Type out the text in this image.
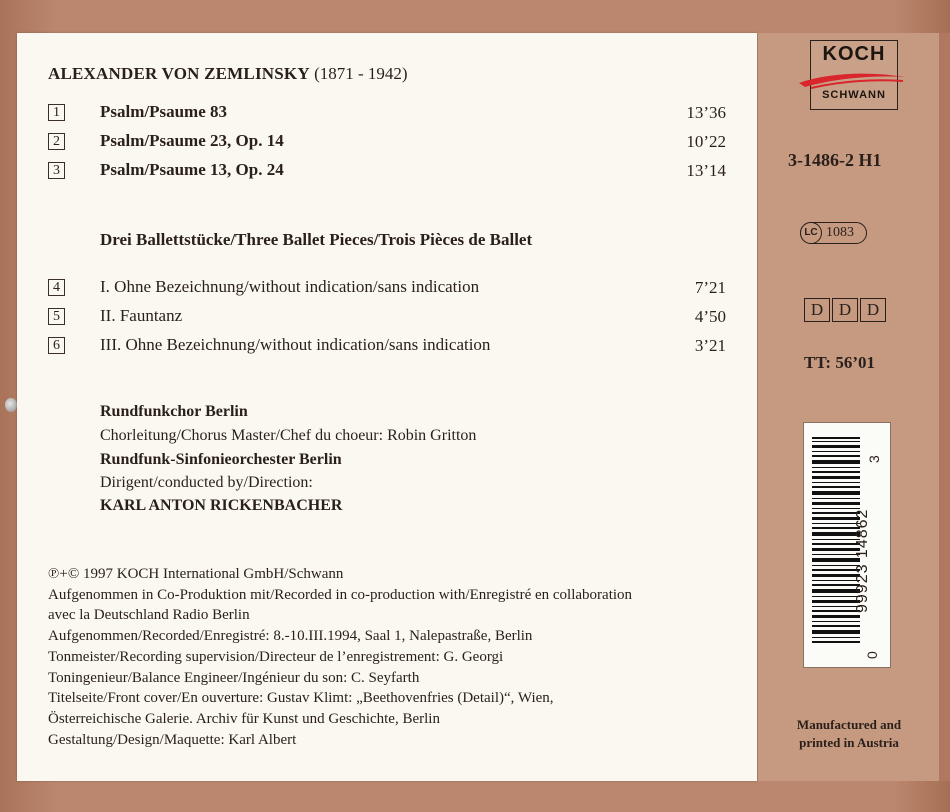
ALEXANDER VON ZEMLINSKY (1871 - 1942)
1 Psalm/Psaume 83	13’36
2 Psalm/Psaume 23, Op. 14	10’22
3 Psalm/Psaume 13, Op. 24	13’14
Drei Ballettstücke/Three Ballet Pieces/Trois Pièces de Ballet
4 I. Ohne Bezeichnung/without indication/sans indication	7’21
5 II. Fauntanz	4’50
6 III. Ohne Bezeichnung/without indication/sans indication	3’21
Rundfunkchor Berlin
Chorleitung/Chorus Master/Chef du choeur: Robin Gritton
Rundfunk-Sinfonieorchester Berlin
Dirigent/conducted by/Direction:
KARL ANTON RICKENBACHER
℗+© 1997 KOCH International GmbH/Schwann
Aufgenommen in Co-Produktion mit/Recorded in co-production with/Enregistré en collaboration
avec la Deutschland Radio Berlin
Aufgenommen/Recorded/Enregistré: 8.-10.III.1994, Saal 1, Nalepastraße, Berlin
Tonmeister/Recording supervision/Directeur de l’enregistrement: G. Georgi
Toningenieur/Balance Engineer/Ingénieur du son: C. Seyfarth
Titelseite/Front cover/En ouverture: Gustav Klimt: „Beethovenfries (Detail)“, Wien,
Österreichische Galerie. Archiv für Kunst und Geschichte, Berlin
Gestaltung/Design/Maquette: Karl Albert
KOCH
SCHWANN
3-1486-2 H1
LC 1083
D D D
TT: 56’01
3
99923 14862
0
Manufactured and printed in Austria
